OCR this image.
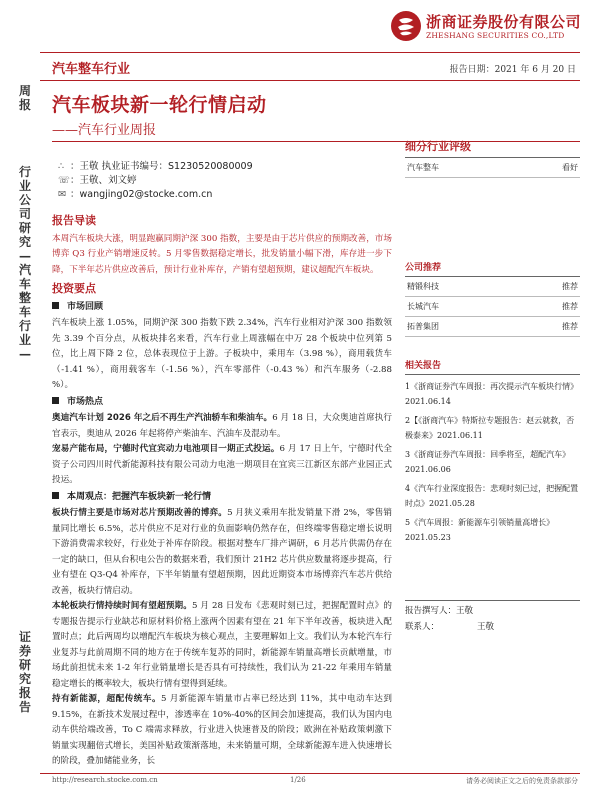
浙商证券股份有限公司
ZHESHANG SECURITIES CO.,LTD
汽车整车行业	报告日期：2021 年 6 月 20 日
周报
行业公司研究—汽车整车行业—
证券研究报告
汽车板块新一轮行情启动
——汽车行业周报
∴ ：王敬 执业证书编号：S1230520080009
☏：王敬、刘文婷
✉ ：wangjing02@stocke.com.cn
报告导读

本周汽车板块大涨，明显跑赢同期沪深 300 指数，主要是由于芯片供应的预期改善，市场博弈 Q3 行业产销增速反转。5 月零售数据稳定增长，批发销量小幅下滑，库存进一步下降，下半年芯片供应改善后，预计行业补库存，产销有望超预期，建议超配汽车板块。

投资要点
市场回顾

汽车板块上涨 1.05%，同期沪深 300 指数下跌 2.34%，汽车行业相对沪深 300 指数领先 3.39 个百分点，从板块排名来看，汽车行业上周涨幅在中万 28 个板块中位列第 5 位，比上周下降 2 位，总体表现位于上游。子板块中，乘用车（3.98 %），商用载货车（-1.41 %），商用载客车（-1.56 %），汽车零部件（-0.43 %）和汽车服务（-2.88 %）。

市场热点

奥迪汽车计划 2026 年之后不再生产汽油轿车和柴油车。6 月 18 日，大众奥迪首席执行官表示，奥迪从 2026 年起将停产柴油车、汽油车及混动车。

宠易产能布局，宁德时代宜宾动力电池项目一期正式投运。6 月 17 日上午，宁德时代全资子公司四川时代新能源科技有限公司动力电池一期项目在宜宾三江新区东部产业园正式投运。

本周观点：把握汽车板块新一轮行情

板块行情主要是市场对芯片预期改善的博弈。5 月狭义乘用车批发销量下滑 2%，零售销量同比增长 6.5%，芯片供应不足对行业的负面影响仍然存在，但终端零售稳定增长说明下游消费需求较好，行业处于补库存阶段。根据对整车厂排产调研，6 月芯片供需仍存在一定的缺口，但从台积电公告的数据来看，我们预计 21H2 芯片供应数量将逐步提高，行业有望在 Q3-Q4 补库存，下半年销量有望超预期，因此近期资本市场博弈汽车芯片供给改善，板块行情启动。

本轮板块行情持续时间有望超预期。5 月 28 日发布《悲观时刻已过，把握配置时点》的专题报告提示行业缺芯和原材料价格上涨两个因素有望在 21 年下半年改善，板块进入配置时点；此后两周均以增配汽车板块为核心观点，主要理解如上文。我们认为本轮汽车行业复苏与此前周期不同的地方在于传统车复苏的同时，新能源车销量高增长贡献增量，市场此前担忧未来 1-2 年行业销量增长是否具有可持续性，我们认为 21-22 年乘用车销量稳定增长的概率较大，板块行情有望得到延续。

持有新能源，超配传统车。5 月新能源车销量市占率已经达到 11%，其中电动车达到 9.15%，在新技术发展过程中，渗透率在 10%-40%的区间会加速提高，我们认为国内电动车供给端改善，To C 端需求释放，行业进入快速普及的阶段；欧洲在补贴政策刺激下销量实现翻倍式增长，美国补贴政策渐落地，未来销量可期，全球新能源车进入快速增长的阶段，叠加储能业务，长

细分行业评级
汽车整车	看好
公司推荐
精锻科技	推荐
长城汽车	推荐
拓普集团	推荐
相关报告
1《浙商证券汽车周报：再次提示汽车板块行情》2021.06.14
2【《浙商汽车》特斯拉专题报告：赵云就救，否极泰来》2021.06.11
3《浙商证券汽车周报：回季将至，超配汽车》2021.06.06
4《汽车行业深度报告：悲观时刻已过，把握配置时点》2021.05.28
5《汽车周报：新能源车引领销量高增长》2021.05.23
报告撰写人：王敬
联系人：	王敬
http://research.stocke.com.cn	1/26	请务必阅读正文之后的免责条款部分
